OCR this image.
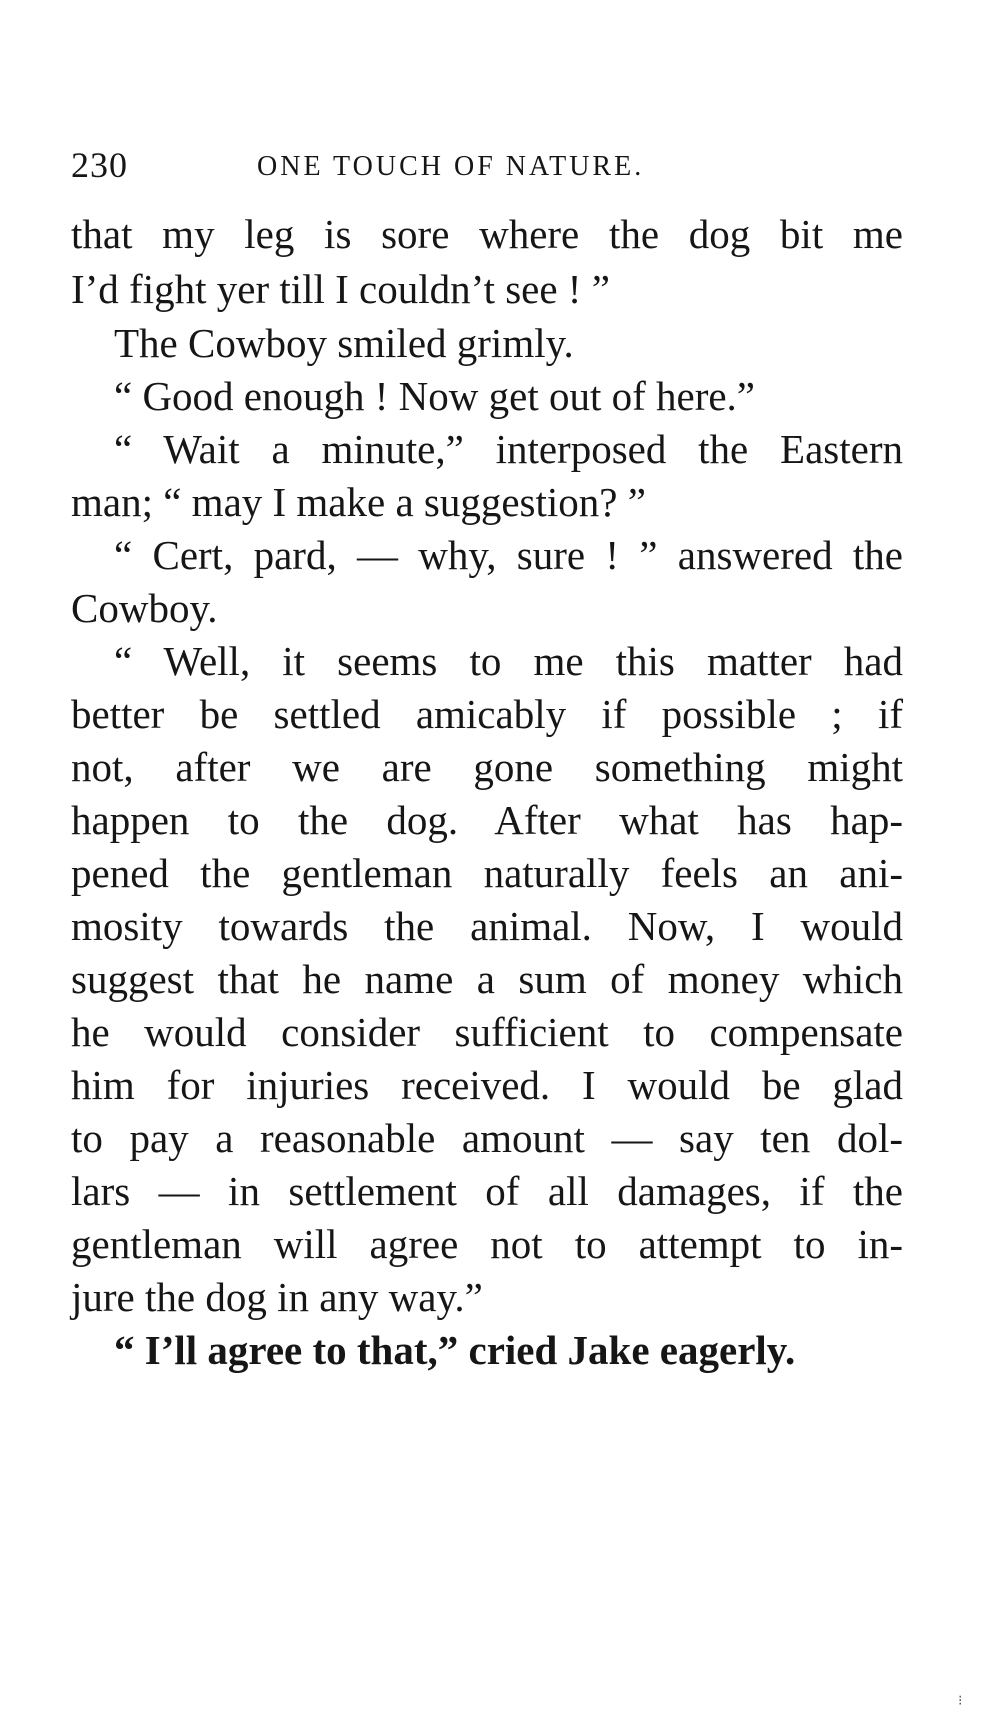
230	ONE TOUCH OF NATURE.
that my leg is sore where the dog bit me
I’d fight yer till I couldn’t see ! ”
The Cowboy smiled grimly.
“ Good enough ! Now get out of here.”
“ Wait a minute,” interposed the Eastern
man; “ may I make a suggestion? ”
“ Cert, pard, — why, sure ! ” answered the
Cowboy.
“ Well, it seems to me this matter had
better be settled amicably if possible ; if
not, after we are gone something might
happen to the dog. After what has hap-
pened the gentleman naturally feels an ani-
mosity towards the animal. Now, I would
suggest that he name a sum of money which
he would consider sufficient to compensate
him for injuries received. I would be glad
to pay a reasonable amount — say ten dol-
lars — in settlement of all damages, if the
gentleman will agree not to attempt to in-
jure the dog in any way.”
“ I’ll agree to that,” cried Jake eagerly.
⁝
